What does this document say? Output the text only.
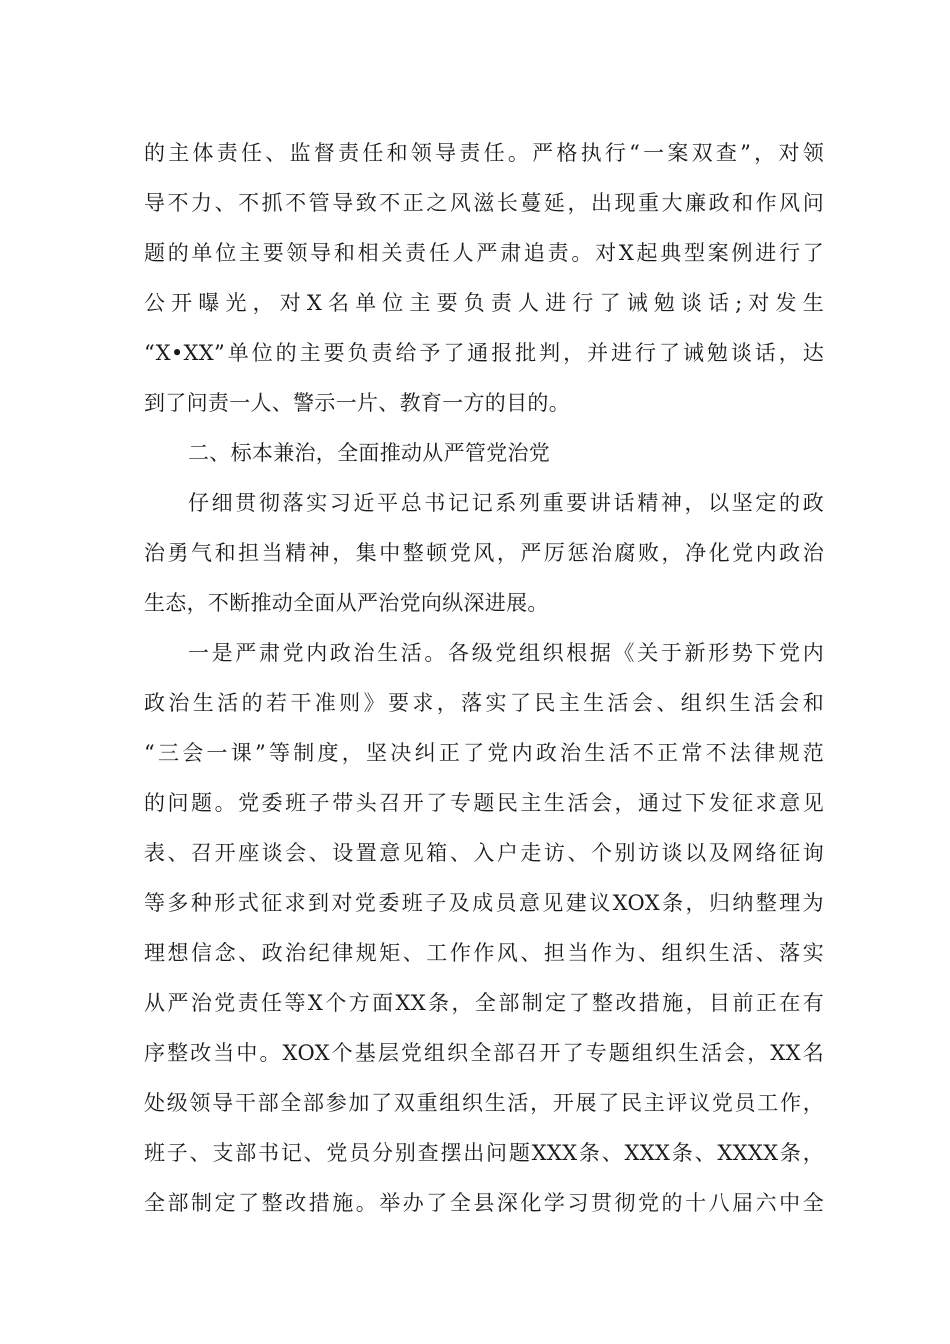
的主体责任、监督责任和领导责任。严格执行“一案双查”，对领
导不力、不抓不管导致不正之风滋长蔓延，出现重大廉政和作风问
题的单位主要领导和相关责任人严肃追责。对X起典型案例进行了
公开曝光，对X名单位主要负责人进行了诫勉谈话;对发生
“X•XX”单位的主要负责给予了通报批判，并进行了诫勉谈话，达
到了问责一人、警示一片、教育一方的目的。
二、标本兼治，全面推动从严管党治党
仔细贯彻落实习近平总书记记系列重要讲话精神，以坚定的政
治勇气和担当精神，集中整顿党风，严厉惩治腐败，净化党内政治
生态，不断推动全面从严治党向纵深进展。
一是严肃党内政治生活。各级党组织根据《关于新形势下党内
政治生活的若干准则》要求，落实了民主生活会、组织生活会和
“三会一课”等制度，坚决纠正了党内政治生活不正常不法律规范
的问题。党委班子带头召开了专题民主生活会，通过下发征求意见
表、召开座谈会、设置意见箱、入户走访、个别访谈以及网络征询
等多种形式征求到对党委班子及成员意见建议XOX条，归纳整理为
理想信念、政治纪律规矩、工作作风、担当作为、组织生活、落实
从严治党责任等X个方面XX条，全部制定了整改措施，目前正在有
序整改当中。XOX个基层党组织全部召开了专题组织生活会，XX名
处级领导干部全部参加了双重组织生活，开展了民主评议党员工作，
班子、支部书记、党员分别查摆出问题XXX条、XXX条、XXXX条，
全部制定了整改措施。举办了全县深化学习贯彻党的十八届六中全
